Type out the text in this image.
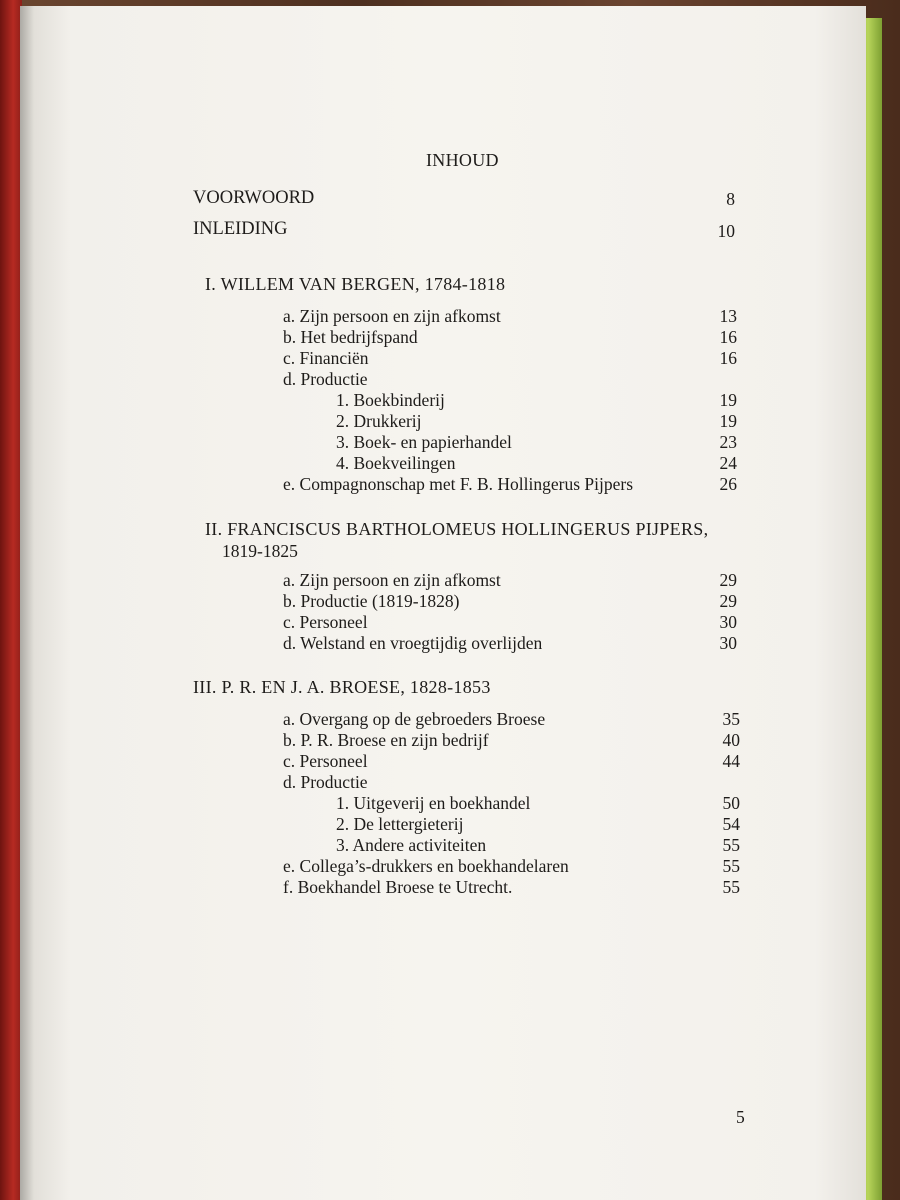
INHOUD
VOORWOORD	8
INLEIDING	10
I. WILLEM VAN BERGEN, 1784-1818
a. Zijn persoon en zijn afkomst	13
b. Het bedrijfspand	16
c. Financiën	16
d. Productie
1. Boekbinderij	19
2. Drukkerij	19
3. Boek- en papierhandel	23
4. Boekveilingen	24
e. Compagnonschap met F. B. Hollingerus Pijpers	26
II. FRANCISCUS BARTHOLOMEUS HOLLINGERUS PIJPERS,
1819-1825
a. Zijn persoon en zijn afkomst	29
b. Productie (1819-1828)	29
c. Personeel	30
d. Welstand en vroegtijdig overlijden	30
III. P. R. EN J. A. BROESE, 1828-1853
a. Overgang op de gebroeders Broese	35
b. P. R. Broese en zijn bedrijf	40
c. Personeel	44
d. Productie
1. Uitgeverij en boekhandel	50
2. De lettergieterij	54
3. Andere activiteiten	55
e. Collega’s-drukkers en boekhandelaren	55
f. Boekhandel Broese te Utrecht.	55
5
